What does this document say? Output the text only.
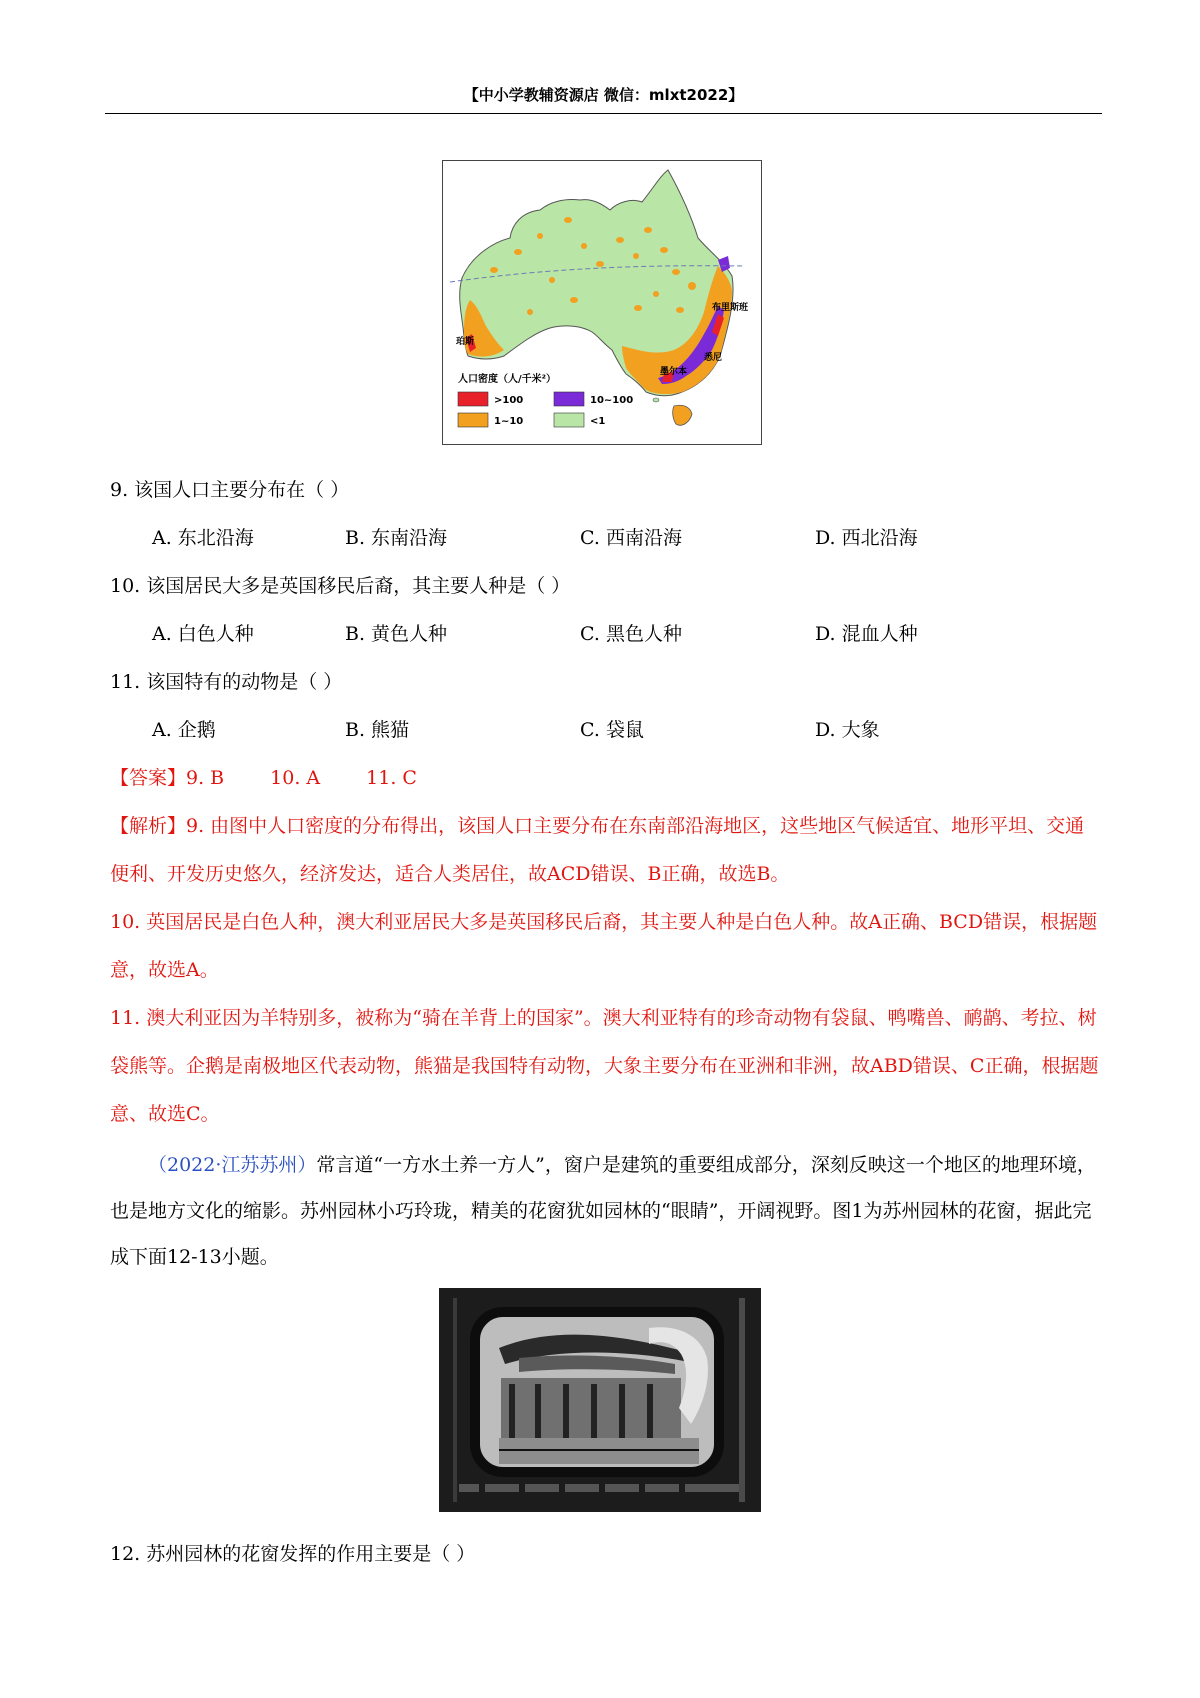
【中小学教辅资源店 微信：mlxt2022】
布里斯班
珀斯
墨尔本
悉尼
人口密度（人/千米²）
>100	10~100
1~10	<1
9. 该国人口主要分布在（ ）
A. 东北沿海	B. 东南沿海	C. 西南沿海	D. 西北沿海
10. 该国居民大多是英国移民后裔，其主要人种是（ ）
A. 白色人种	B. 黄色人种	C. 黑色人种	D. 混血人种
11. 该国特有的动物是（ ）
A. 企鹅	B. 熊猫	C. 袋鼠	D. 大象
【答案】9. B 10. A 11. C
【解析】9. 由图中人口密度的分布得出，该国人口主要分布在东南部沿海地区，这些地区气候适宜、地形平坦、交通便利、开发历史悠久，经济发达，适合人类居住，故ACD错误、B正确，故选B。
10. 英国居民是白色人种，澳大利亚居民大多是英国移民后裔，其主要人种是白色人种。故A正确、BCD错误，根据题意，故选A。
11. 澳大利亚因为羊特别多，被称为“骑在羊背上的国家”。澳大利亚特有的珍奇动物有袋鼠、鸭嘴兽、鸸鹋、考拉、树袋熊等。企鹅是南极地区代表动物，熊猫是我国特有动物，大象主要分布在亚洲和非洲，故ABD错误、C正确，根据题意、故选C。
（2022·江苏苏州）常言道“一方水土养一方人”，窗户是建筑的重要组成部分，深刻反映这一个地区的地理环境，也是地方文化的缩影。苏州园林小巧玲珑，精美的花窗犹如园林的“眼睛”，开阔视野。图1为苏州园林的花窗，据此完成下面12-13小题。
12. 苏州园林的花窗发挥的作用主要是（ ）
